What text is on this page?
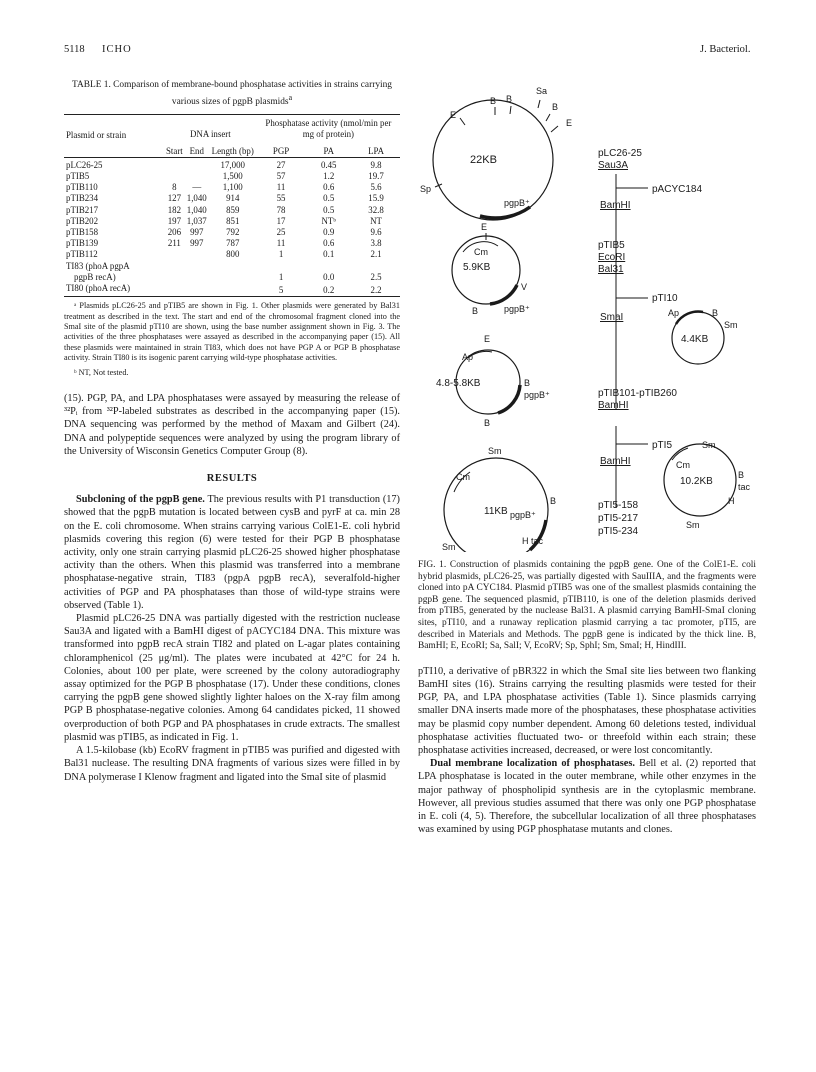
5118 ICHO	J. Bacteriol.
TABLE 1. Comparison of membrane-bound phosphatase activities in strains carrying various sizes of pgpB plasmids$^a$
Plasmid or strain	DNA insert			Phosphatase activity (nmol/min per mg of protein)		
	Start	End	Length (bp)	PGP	PA	LPA
pLC26-25			17,000	27	0.45	9.8
pTIB5			1,500	57	1.2	19.7
pTIB110	8	—	1,100	11	0.6	5.6
pTIB234	127	1,040	914	55	0.5	15.9
pTIB217	182	1,040	859	78	0.5	32.8
pTIB202	197	1,037	851	17	NTᵇ	NT
pTIB158	206	997	792	25	0.9	9.6
pTIB139	211	997	787	11	0.6	3.8
pTIB112			800	1	0.1	2.1
TI83 (phoA pgpA						
pgpB recA)				1	0.0	2.5
TI80 (phoA recA)				5	0.2	2.2
ᵃ Plasmids pLC26-25 and pTIB5 are shown in Fig. 1. Other plasmids were generated by Bal31 treatment as described in the text. The start and end of the chromosomal fragment cloned into the SmaI site of the plasmid pTI10 are shown, using the base number assignment shown in Fig. 3. The activities of the three phosphatases were assayed as described in the accompanying paper (15). All these plasmids were maintained in strain TI83, which does not have PGP A or PGP B phosphatase activity. Strain TI80 is its isogenic parent carrying wild-type phosphatase activities.
ᵇ NT, Not tested.

(15). PGP, PA, and LPA phosphatases were assayed by measuring the release of ³²Pᵢ from ³²P-labeled substrates as described in the accompanying paper (15). DNA sequencing was performed by the method of Maxam and Gilbert (24). DNA and polypeptide sequences were analyzed by using the program library of the University of Wisconsin Genetics Computer Group (8).

RESULTS

Subcloning of the pgpB gene. The previous results with P1 transduction (17) showed that the pgpB mutation is located between cysB and pyrF at ca. min 28 on the E. coli chromosome. When strains carrying various ColE1-E. coli hybrid plasmids covering this region (6) were tested for their PGP B phosphatase activity, only one strain carrying plasmid pLC26-25 showed higher phosphatase activity than the others. When this plasmid was transferred into a membrane phosphatase-negative strain, TI83 (pgpA pgpB recA), severalfold-higher activities of PGP and PA phosphatases than those of wild-type strains were observed (Table 1).

Plasmid pLC26-25 DNA was partially digested with the restriction nuclease Sau3A and ligated with a BamHI digest of pACYC184 DNA. This mixture was transformed into pgpB recA strain TI82 and plated on L-agar plates containing chloramphenicol (25 μg/ml). The plates were incubated at 42°C for 24 h. Colonies, about 100 per plate, were screened by the colony autoradiography assay optimized for the PGP B phosphatase (17). Under these conditions, clones carrying the pgpB gene showed slightly lighter haloes on the X-ray film among PGP B phosphatase-negative colonies. Among 64 candidates picked, 11 showed overproduction of both PGP and PA phosphatases in crude extracts. The smallest plasmid was pTIB5, as indicated in Fig. 1.

A 1.5-kilobase (kb) EcoRV fragment in pTIB5 was purified and digested with Bal31 nuclease. The resulting DNA fragments of various sizes were filled in by DNA polymerase I Klenow fragment and ligated into the SmaI site of plasmid

22KB
Sa
B
B
E
B
E
Sp
pgpB⁺
pLC26-25
Sau3A
pACYC184
BamHI
5.9KB
Cm
E
pgpB⁺
V
B
pTIB5
EcoRI
Bal31
pTI10
SmaI
4.4KB
Ap	B
Sm
4.8-5.8KB
E
Ap
B
pgpB⁺
B
pTIB101-pTIB260
BamHI
pTI5
BamHI
10.2KB
Sm
Cm
B
tac
H
Sm
11KB
Sm
Cm
B
pgpB⁺
H tac
Sm
pTI5-158
pTI5-217
pTI5-234
FIG. 1. Construction of plasmids containing the pgpB gene. One of the ColE1-E. coli hybrid plasmids, pLC26-25, was partially digested with SauIIIA, and the fragments were cloned into pA CYC184. Plasmid pTIB5 was one of the smallest plasmids containing the pgpB gene. The sequenced plasmid, pTIB110, is one of the deletion plasmids derived from pTIB5, generated by the nuclease Bal31. A plasmid carrying BamHI-SmaI cloning sites, pTI10, and a runaway replication plasmid carrying a tac promoter, pTI5, are described in Materials and Methods. The pgpB gene is indicated by the thick line. B, BamHI; E, EcoRI; Sa, SalI; V, EcoRV; Sp, SphI; Sm, SmaI; H, HindIII.

pTI10, a derivative of pBR322 in which the SmaI site lies between two flanking BamHI sites (16). Strains carrying the resulting plasmids were tested for their PGP, PA, and LPA phosphatase activities (Table 1). Since plasmids carrying smaller DNA inserts made more of the phosphatases, these phosphatase activities may be plasmid copy number dependent. Among 60 deletions tested, individual phosphatase activities fluctuated two- or threefold within each strain; these phosphatase activities increased, decreased, or were lost concomitantly.

Dual membrane localization of phosphatases. Bell et al. (2) reported that LPA phosphatase is located in the outer membrane, while other enzymes in the major pathway of phospholipid synthesis are in the cytoplasmic membrane. However, all previous studies assumed that there was only one PGP phosphatase in E. coli (4, 5). Therefore, the subcellular localization of all three phosphatases was examined by using PGP phosphatase mutants and clones.
